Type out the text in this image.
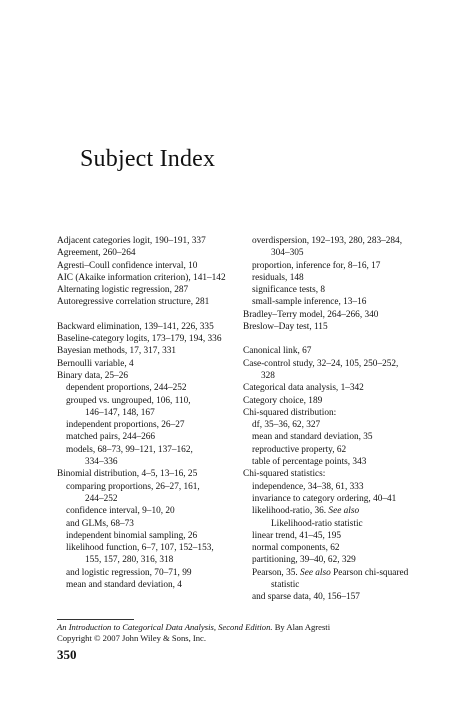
Subject Index
Adjacent categories logit, 190–191, 337
Agreement, 260–264
Agresti–Coull confidence interval, 10
AIC (Akaike information criterion), 141–142
Alternating logistic regression, 287
Autoregressive correlation structure, 281
Backward elimination, 139–141, 226, 335
Baseline-category logits, 173–179, 194, 336
Bayesian methods, 17, 317, 331
Bernoulli variable, 4
Binary data, 25–26
dependent proportions, 244–252
grouped vs. ungrouped, 106, 110,
146–147, 148, 167
independent proportions, 26–27
matched pairs, 244–266
models, 68–73, 99–121, 137–162,
334–336
Binomial distribution, 4–5, 13–16, 25
comparing proportions, 26–27, 161,
244–252
confidence interval, 9–10, 20
and GLMs, 68–73
independent binomial sampling, 26
likelihood function, 6–7, 107, 152–153,
155, 157, 280, 316, 318
and logistic regression, 70–71, 99
mean and standard deviation, 4
overdispersion, 192–193, 280, 283–284,
304–305
proportion, inference for, 8–16, 17
residuals, 148
significance tests, 8
small-sample inference, 13–16
Bradley–Terry model, 264–266, 340
Breslow–Day test, 115
Canonical link, 67
Case-control study, 32–24, 105, 250–252,
328
Categorical data analysis, 1–342
Category choice, 189
Chi-squared distribution:
df, 35–36, 62, 327
mean and standard deviation, 35
reproductive property, 62
table of percentage points, 343
Chi-squared statistics:
independence, 34–38, 61, 333
invariance to category ordering, 40–41
likelihood-ratio, 36. See also
Likelihood-ratio statistic
linear trend, 41–45, 195
normal components, 62
partitioning, 39–40, 62, 329
Pearson, 35. See also Pearson chi-squared
statistic
and sparse data, 40, 156–157
An Introduction to Categorical Data Analysis, Second Edition. By Alan Agresti
Copyright © 2007 John Wiley & Sons, Inc.
350
